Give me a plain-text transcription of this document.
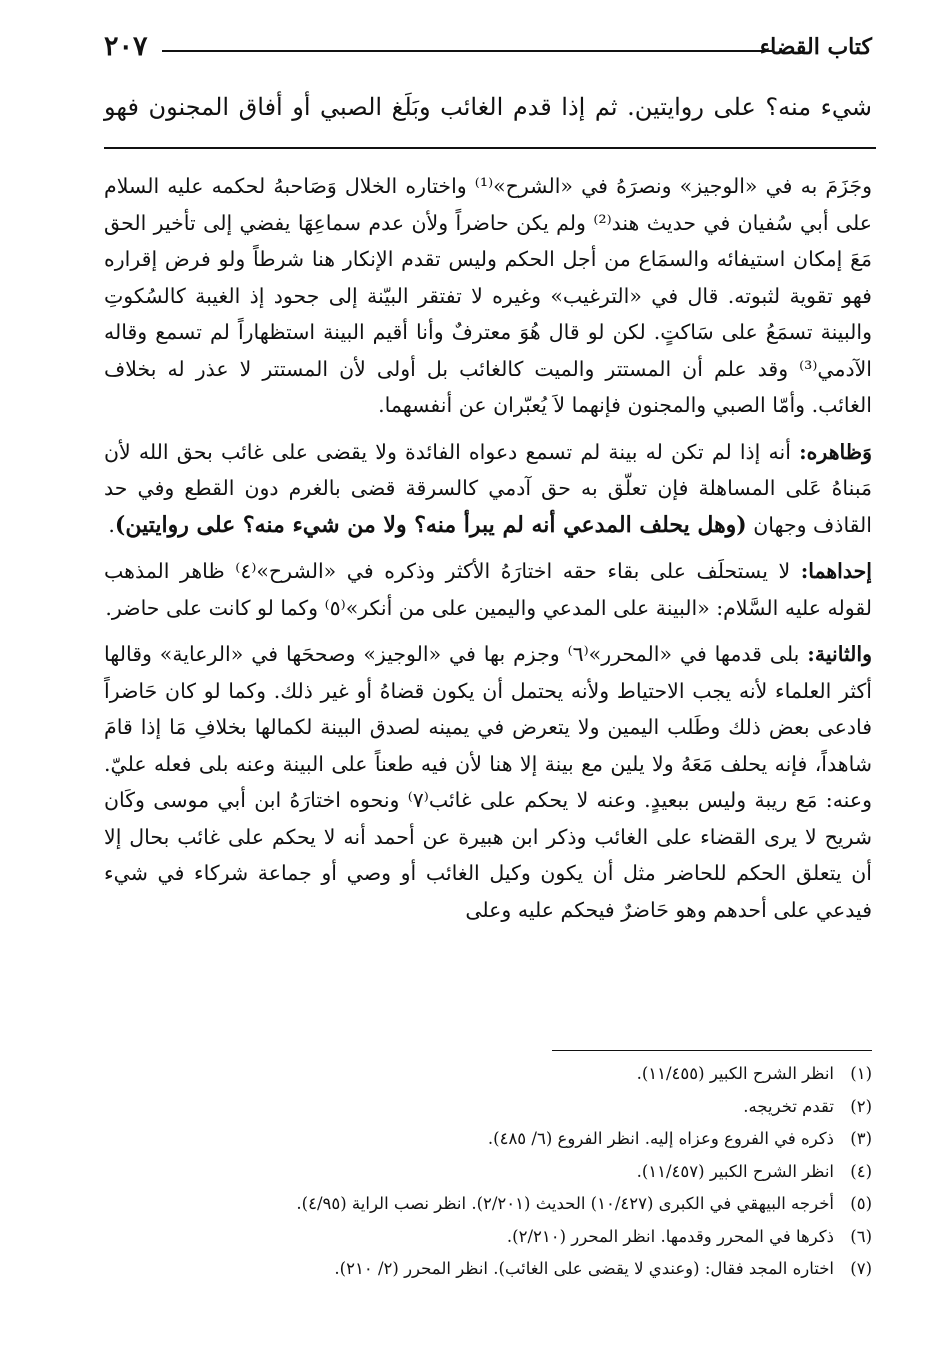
٢٠٧	كتاب القضاء
شيء منه؟ على روايتين. ثم إذا قدم الغائب وبَلَغ الصبي أو أفاق المجنون فهو

وجَزَمَ به في «الوجيز» ونصرَهُ في «الشرح»⁽¹⁾ واختاره الخلال وَصَاحبهُ لحكمه عليه السلام على أبي سُفيان في حديث هند⁽²⁾ ولم يكن حاضراً ولأن عدم سماعِهَا يفضي إلى تأخير الحق مَعَ إمكان استيفائه والسمَاع من أجل الحكم وليس تقدم الإنكار هنا شرطاً ولو فرض إقراره فهو تقوية لثبوته. قال في «الترغيب» وغيره لا تفتقر البيّنة إلى جحود إذ الغيبة كالسُكوتِ والبينة تسمَعُ على سَاكتٍ. لكن لو قال هُوَ معترفٌ وأنا أقيم البينة استظهاراً لم تسمع وقاله الآدمي⁽³⁾ وقد علم أن المستتر والميت كالغائب بل أولى لأن المستتر لا عذر له بخلاف الغائب. وأمّا الصبي والمجنون فإنهما لاَ يُعبّران عن أنفسهما.

وَظاهره: أنه إذا لم تكن له بينة لم تسمع دعواه الفائدة ولا يقضى على غائب بحق الله لأن مَبناهُ عَلى المساهلة فإن تعلّق به حق آدمي كالسرقة قضى بالغرم دون القطع وفي حد القاذف وجهان (وهل يحلف المدعي أنه لم يبرأ منه؟ ولا من شيء منه؟ على روايتين).

إحداهما: لا يستحلَف على بقاء حقه اختارَهُ الأكثر وذكره في «الشرح»⁽٤⁾ ظاهر المذهب لقوله عليه السَّلام: «البينة على المدعي واليمين على من أنكر»⁽٥⁾ وكما لو كانت على حاضر.

والثانية: بلى قدمها في «المحرر»⁽٦⁾ وجزم بها في «الوجيز» وصححَها في «الرعاية» وقالها أكثر العلماء لأنه يجب الاحتياط ولأنه يحتمل أن يكون قضاهُ أو غير ذلك. وكما لو كان حَاضراً فادعى بعض ذلك وطَلب اليمين ولا يتعرض في يمينه لصدق البينة لكمالها بخلافِ مَا إذا قامَ شاهداً، فإنه يحلف مَعَهُ ولا يلين مع بينة إلا هنا لأن فيه طعناً على البينة وعنه بلى فعله عليّ. وعنه: مَع ريبة وليس ببعيدٍ. وعنه لا يحكم على غائب⁽٧⁾ ونحوه اختارَهُ ابن أبي موسى وكَان شريح لا يرى القضاء على الغائب وذكر ابن هبيرة عن أحمد أنه لا يحكم على غائب بحال إلا أن يتعلق الحكم للحاضر مثل أن يكون وكيل الغائب أو وصي أو جماعة شركاء في شيء فيدعي على أحدهم وهو حَاضرٌ فيحكم عليه وعلى

(١)
انظر الشرح الكبير (١١/٤٥٥).
(٢)
تقدم تخريجه.
(٣)
ذكره في الفروع وعزاه إليه. انظر الفروع (٦/ ٤٨٥).
(٤)
انظر الشرح الكبير (١١/٤٥٧).
(٥)
أخرجه البيهقي في الكبرى (١٠/٤٢٧) الحديث (٢/٢٠١). انظر نصب الراية (٤/٩٥).
(٦)
ذكرها في المحرر وقدمها. انظر المحرر (٢/٢١٠).
(٧)
اختاره المجد فقال: (وعندي لا يقضى على الغائب). انظر المحرر (٢/ ٢١٠).
